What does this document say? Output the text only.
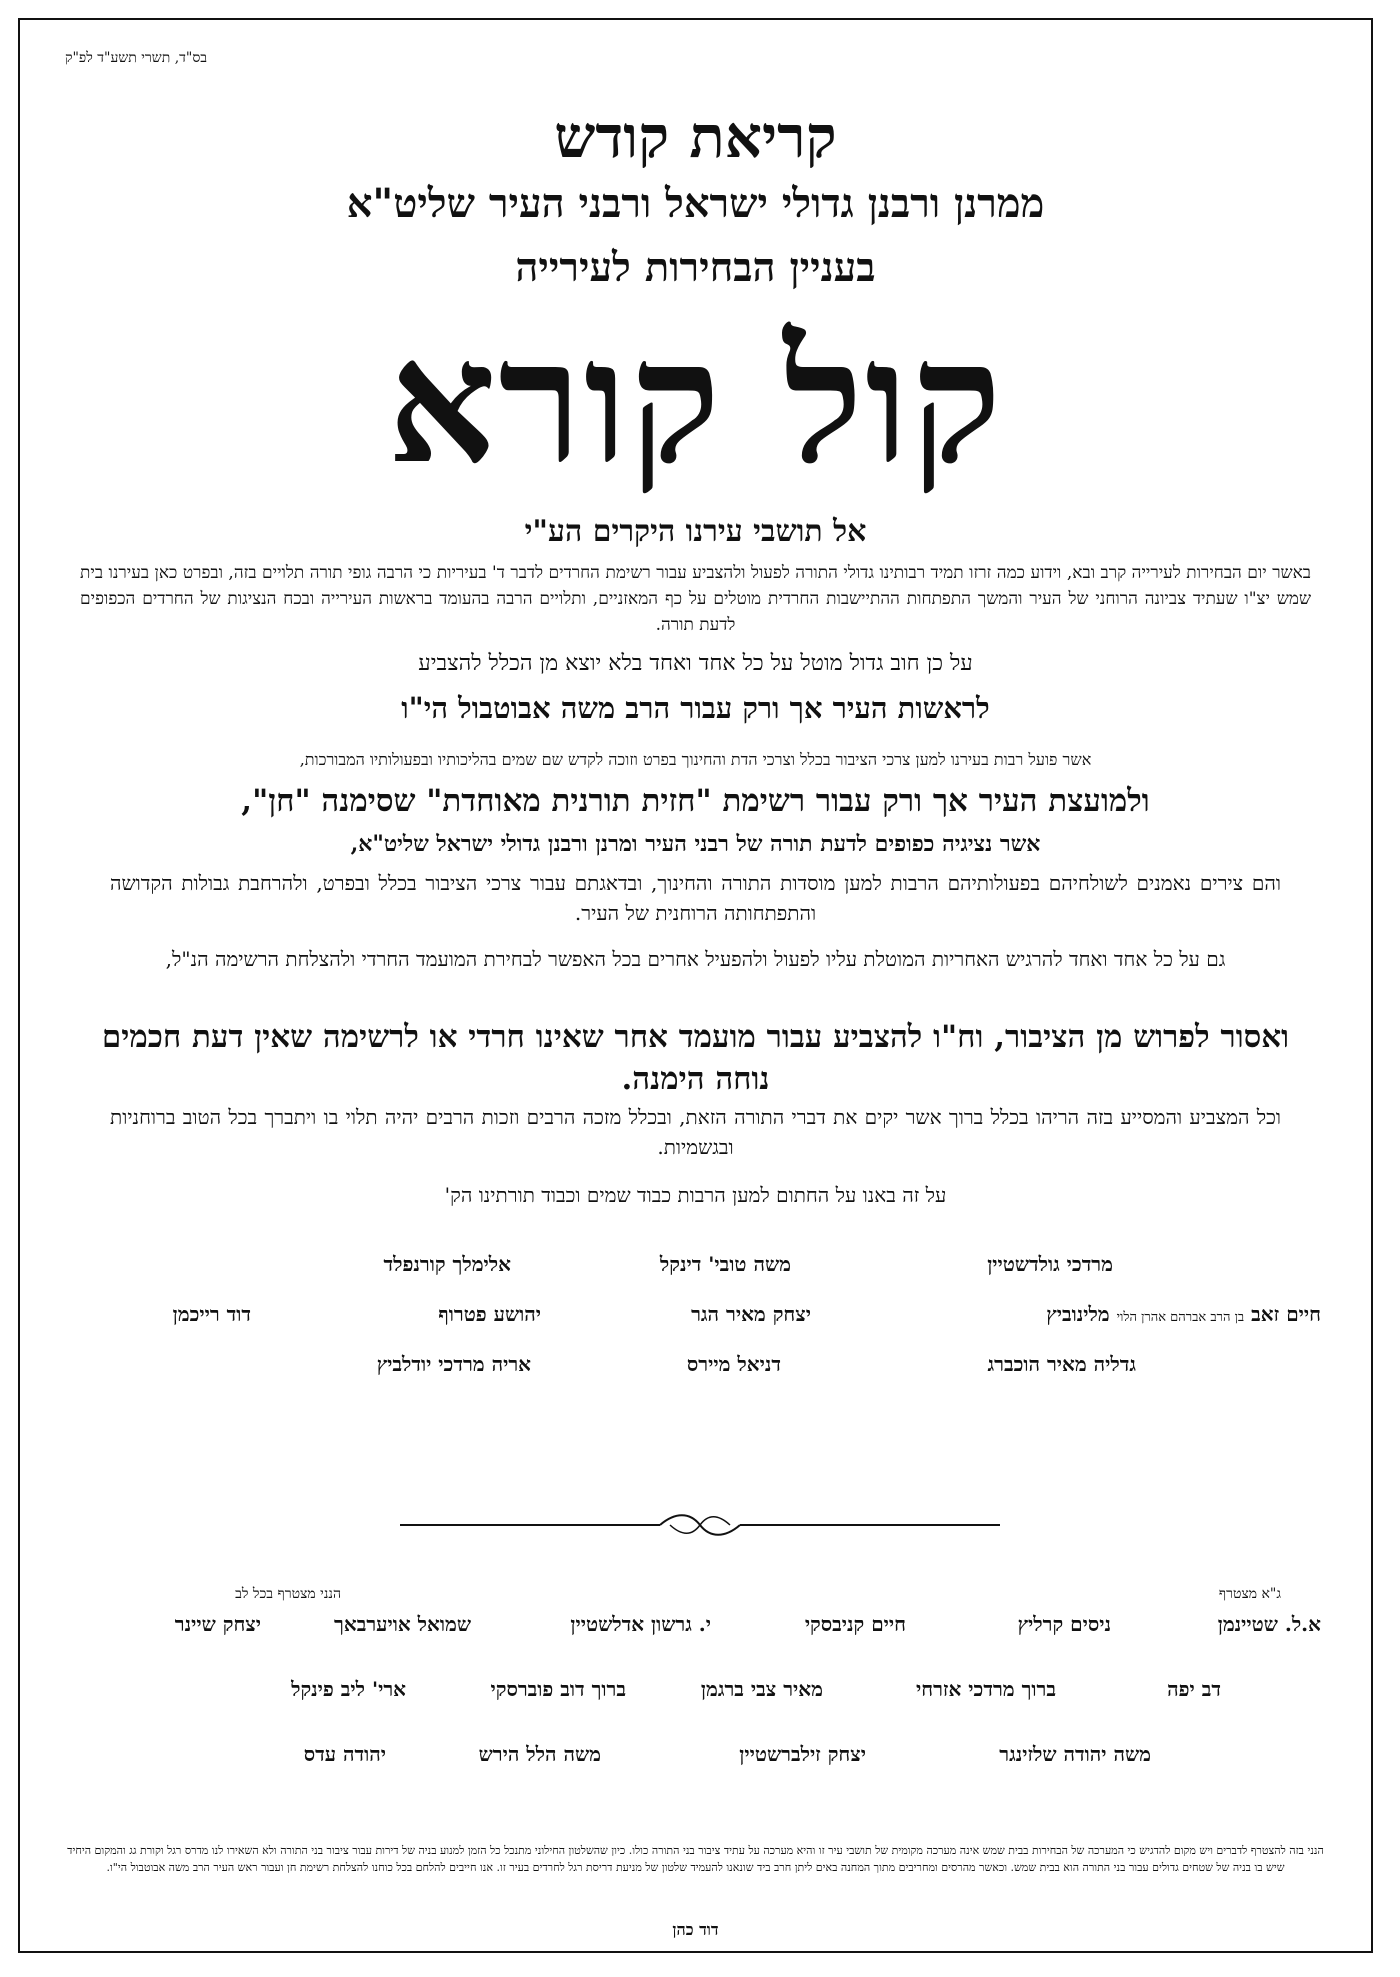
בס"ד, תשרי תשע"ד לפ"ק
קריאת קודש
ממרנן ורבנן גדולי ישראל ורבני העיר שליט"א
בעניין הבחירות לעירייה
קול קורא
אל תושבי עירנו היקרים הע"י
באשר יום הבחירות לעירייה קרב ובא, וידוע כמה זרזו תמיד רבותינו גדולי התורה לפעול ולהצביע עבור רשימת החרדים לדבר ד' בעיריות כי הרבה גופי תורה תלויים בזה, ובפרט כאן בעירנו בית שמש יצ"ו שעתיד צביונה הרוחני של העיר והמשך התפתחות ההתיישבות החרדית מוטלים על כף המאזניים, ותלויים הרבה בהעומד בראשות העירייה ובכח הנציגות של החרדים הכפופים לדעת תורה.
על כן חוב גדול מוטל על כל אחד ואחד בלא יוצא מן הכלל להצביע
לראשות העיר אך ורק עבור הרב משה אבוטבול הי"ו
אשר פועל רבות בעירנו למען צרכי הציבור בכלל וצרכי הדת והחינוך בפרט וזוכה לקדש שם שמים בהליכותיו ובפעולותיו המבורכות,
ולמועצת העיר אך ורק עבור רשימת "חזית תורנית מאוחדת" שסימנה "חן",
אשר נציגיה כפופים לדעת תורה של רבני העיר ומרנן ורבנן גדולי ישראל שליט"א,
והם צירים נאמנים לשולחיהם בפעולותיהם הרבות למען מוסדות התורה והחינוך, ובדאגתם עבור צרכי הציבור בכלל ובפרט, ולהרחבת גבולות הקדושה והתפתחותה הרוחנית של העיר.
גם על כל אחד ואחד להרגיש האחריות המוטלת עליו לפעול ולהפעיל אחרים בכל האפשר לבחירת המועמד החרדי ולהצלחת הרשימה הנ"ל,
ואסור לפרוש מן הציבור, וח"ו להצביע עבור מועמד אחר שאינו חרדי או לרשימה שאין דעת חכמים נוחה הימנה.
וכל המצביע והמסייע בזה הריהו בכלל ברוך אשר יקים את דברי התורה הזאת, ובכלל מזכה הרבים וזכות הרבים יהיה תלוי בו ויתברך בכל הטוב ברוחניות ובגשמיות.
על זה באנו על החתום למען הרבות כבוד שמים וכבוד תורתינו הק'
מרדכי גולדשטיין
משה טובי' דינקל
אלימלך קורנפלד
חיים זאב בן הרב אברהם אהרן הלוי מלינוביץ
יצחק מאיר הגר
יהושע פטרוף
דוד רייכמן
גדליה מאיר הוכברג
דניאל מיירס
אריה מרדכי יודלביץ
ג"א מצטרף
הנני מצטרף בכל לב
א.ל. שטיינמן
ניסים קרליץ
חיים קניבסקי
י. גרשון אדלשטיין
שמואל אויערבאך
יצחק שיינר
דב יפה
ברוך מרדכי אזרחי
מאיר צבי ברגמן
ברוך דוב פוברסקי
ארי' ליב פינקל
משה יהודה שלזינגר
יצחק זילברשטיין
משה הלל הירש
יהודה עדס
הנני בזה להצטרף לדברים ויש מקום להדגיש כי המערכה של הבחירות בבית שמש אינה מערכה מקומית של תושבי עיר זו והיא מערכה על עתיד ציבור בני התורה כולו. כיון שהשלטון החילוני מתנכל כל הזמן למנוע בניה של דירות עבור ציבור בני התורה ולא השאירו לנו מדרס רגל וקורת גג והמקום היחיד שיש בו בניה של שטחים גדולים עבור בני התורה הוא בבית שמש. וכאשר מהרסים ומחריבים מתוך המחנה באים ליתן חרב ביד שונאנו להעמיד שלטון של מניעת דריסת רגל לחרדים בעיר זו. אנו חייבים להלחם בכל כוחנו להצלחת רשימת חן ועבור ראש העיר הרב משה אבוטבול הי"ו.
דוד כהן
